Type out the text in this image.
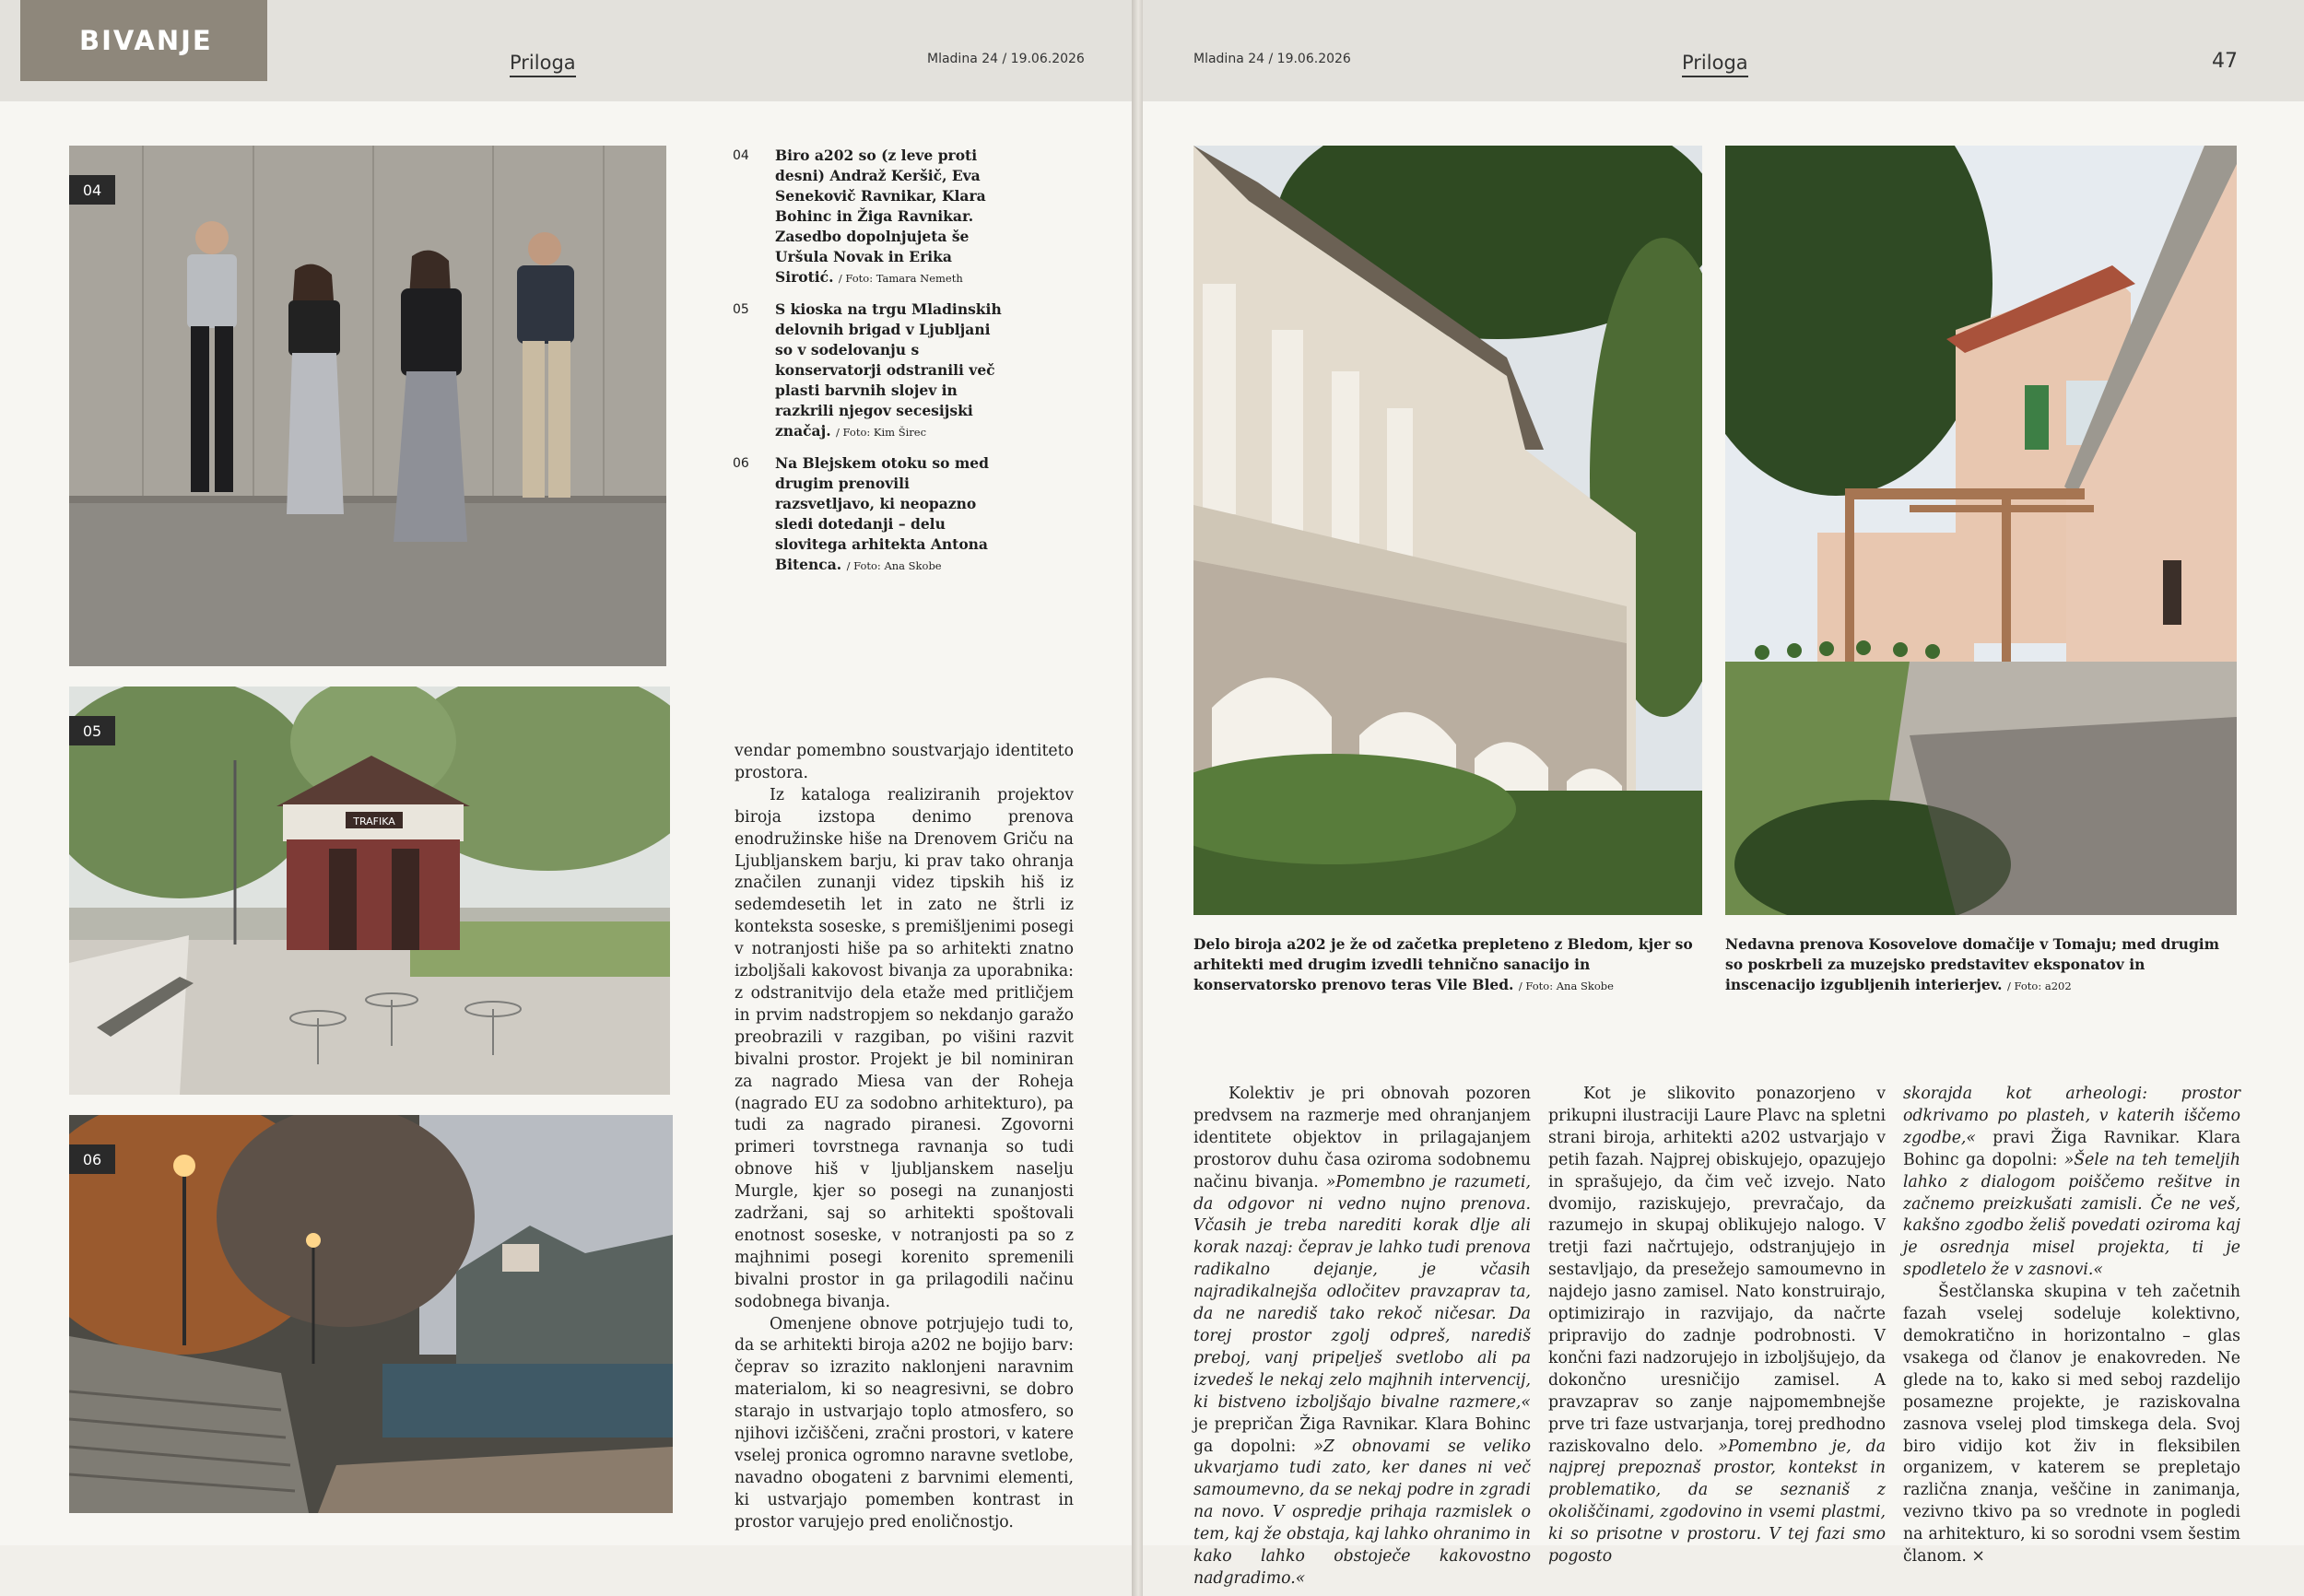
BIVANJE
Priloga	Mladina 24 / 19.06.2026
04
TRAFIKA
05
06
04	Biro a202 so (z leve proti desni) Andraž Keršič, Eva Senekovič Ravnikar, Klara Bohinc in Žiga Ravnikar. Zasedbo dopolnjujeta še Uršula Novak in Erika Sirotić. / Foto: Tamara Nemeth
05	S kioska na trgu Mladinskih delovnih brigad v Ljubljani so v sodelovanju s konservatorji odstranili več plasti barvnih slojev in razkrili njegov secesijski značaj. / Foto: Kim Širec
06	Na Blejskem otoku so med drugim prenovili razsvetljavo, ki neopazno sledi dotedanji – delu slovitega arhitekta Antona Bitenca. / Foto: Ana Skobe

vendar pomembno soustvarjajo identiteto prostora.

Iz kataloga realiziranih projektov biroja izstopa denimo prenova enodružinske hiše na Drenovem Griču na Ljubljanskem barju, ki prav tako ohranja značilen zunanji videz tipskih hiš iz sedemdesetih let in zato ne štrli iz konteksta soseske, s premišljenimi posegi v notranjosti hiše pa so arhitekti znatno izboljšali kakovost bivanja za uporabnika: z odstranitvijo dela etaže med pritličjem in prvim nadstropjem so nekdanjo garažo preobrazili v razgiban, po višini razvit bivalni prostor. Projekt je bil nominiran za nagrado Miesa van der Roheja (nagrado EU za sodobno arhitekturo), pa tudi za nagrado piranesi. Zgovorni primeri tovrstnega ravnanja so tudi obnove hiš v ljubljanskem naselju Murgle, kjer so posegi na zunanjosti zadržani, saj so arhitekti spoštovali enotnost soseske, v notranjosti pa so z majhnimi posegi korenito spremenili bivalni prostor in ga prilagodili načinu sodobnega bivanja.

Omenjene obnove potrjujejo tudi to, da se arhitekti biroja a202 ne bojijo barv: čeprav so izrazito naklonjeni naravnim materialom, ki so neagresivni, se dobro starajo in ustvarjajo toplo atmosfero, so njihovi izčiščeni, zračni prostori, v katere vselej pronica ogromno naravne svetlobe, navadno obogateni z barvnimi elementi, ki ustvarjajo pomemben kontrast in prostor varujejo pred enoličnostjo.

Mladina 24 / 19.06.2026	Priloga	47
Delo biroja a202 je že od začetka prepleteno z Bledom, kjer so arhitekti med drugim izvedli tehnično sanacijo in konservatorsko prenovo teras Vile Bled. / Foto: Ana Skobe
Nedavna prenova Kosovelove domačije v Tomaju; med drugim so poskrbeli za muzejsko predstavitev eksponatov in inscenacijo izgubljenih interierjev. / Foto: a202

Kolektiv je pri obnovah pozoren predvsem na razmerje med ohranjanjem identitete objektov in prilagajanjem prostorov duhu časa oziroma sodobnemu načinu bivanja. »Pomembno je razumeti, da odgovor ni vedno nujno prenova. Včasih je treba narediti korak dlje ali korak nazaj: čeprav je lahko tudi prenova radikalno dejanje, je včasih najradikalnejša odločitev pravzaprav ta, da ne narediš tako rekoč ničesar. Da torej prostor zgolj odpreš, narediš preboj, vanj pripelješ svetlobo ali pa izvedeš le nekaj zelo majhnih intervencij, ki bistveno izboljšajo bivalne razmere,« je prepričan Žiga Ravnikar. Klara Bohinc ga dopolni: »Z obnovami se veliko ukvarjamo tudi zato, ker danes ni več samoumevno, da se nekaj podre in zgradi na novo. V ospredje prihaja razmislek o tem, kaj že obstaja, kaj lahko ohranimo in kako lahko obstoječe kakovostno nadgradimo.«

Kot je slikovito ponazorjeno v prikupni ilustraciji Laure Plavc na spletni strani biroja, arhitekti a202 ustvarjajo v petih fazah. Najprej obiskujejo, opazujejo in sprašujejo, da čim več izvejo. Nato dvomijo, raziskujejo, prevračajo, da razumejo in skupaj oblikujejo nalogo. V tretji fazi načrtujejo, odstranjujejo in sestavljajo, da presežejo samoumevno in najdejo jasno zamisel. Nato konstruirajo, optimizirajo in razvijajo, da načrte pripravijo do zadnje podrobnosti. V končni fazi nadzorujejo in izboljšujejo, da dokončno uresničijo zamisel. A pravzaprav so zanje najpomembnejše prve tri faze ustvarjanja, torej predhodno raziskovalno delo. »Pomembno je, da najprej prepoznaš prostor, kontekst in problematiko, da se seznaniš z okoliščinami, zgodovino in vsemi plastmi, ki so prisotne v prostoru. V tej fazi smo pogosto

skorajda kot arheologi: prostor odkrivamo po plasteh, v katerih iščemo zgodbe,« pravi Žiga Ravnikar. Klara Bohinc ga dopolni: »Šele na teh temeljih lahko z dialogom poiščemo rešitve in začnemo preizkušati zamisli. Če ne veš, kakšno zgodbo želiš povedati oziroma kaj je osrednja misel projekta, ti je spodletelo že v zasnovi.«

Šestčlanska skupina v teh začetnih fazah vselej sodeluje kolektivno, demokratično in horizontalno – glas vsakega od članov je enakovreden. Ne glede na to, kako si med seboj razdelijo posamezne projekte, je raziskovalna zasnova vselej plod timskega dela. Svoj biro vidijo kot živ in fleksibilen organizem, v katerem se prepletajo različna znanja, veščine in zanimanja, vezivno tkivo pa so vrednote in pogledi na arhitekturo, ki so sorodni vsem šestim članom. ×
